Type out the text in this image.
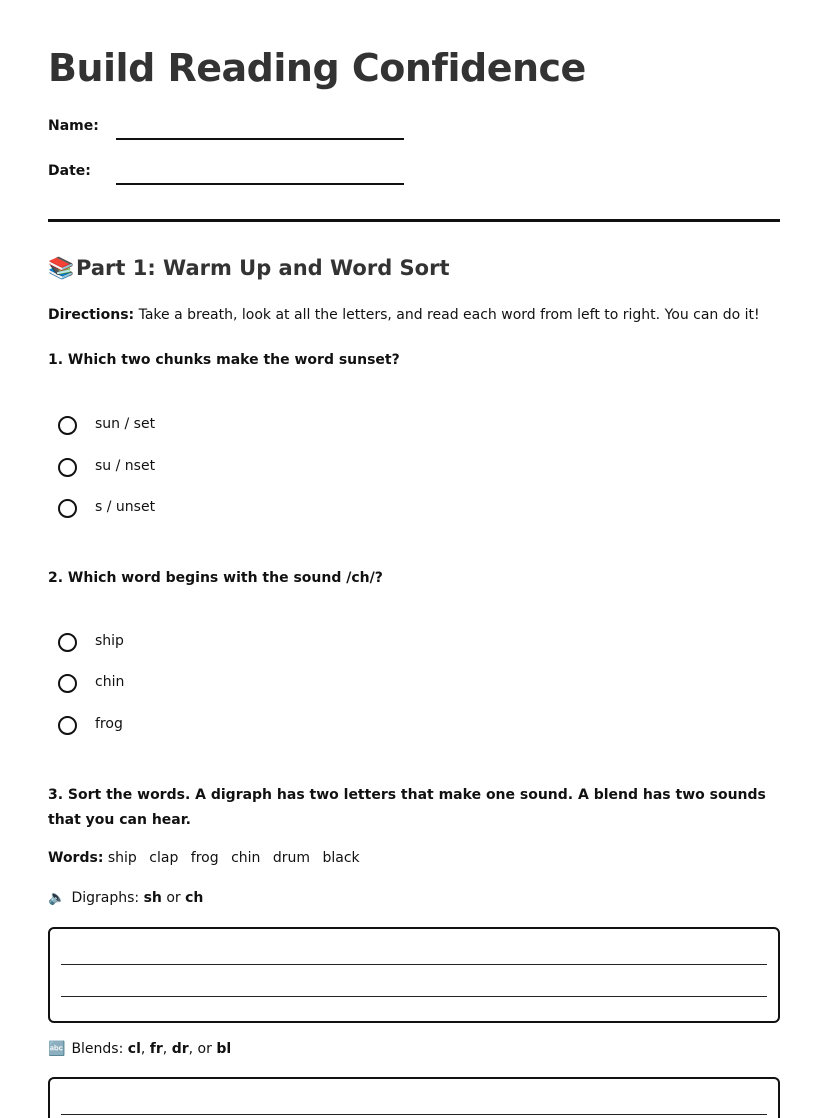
Build Reading Confidence
Name:
Date:
📚Part 1: Warm Up and Word Sort
Directions: Take a breath, look at all the letters, and read each word from left to right. You can do it!
1. Which two chunks make the word sunset?
sun / set
su / nset
s / unset
2. Which word begins with the sound /ch/?
ship
chin
frog
3. Sort the words. A digraph has two letters that make one sound. A blend has two sounds that you can hear.
Words: ship clap frog chin drum black
🔈 Digraphs: sh or ch
🔤 Blends: cl, fr, dr, or bl
